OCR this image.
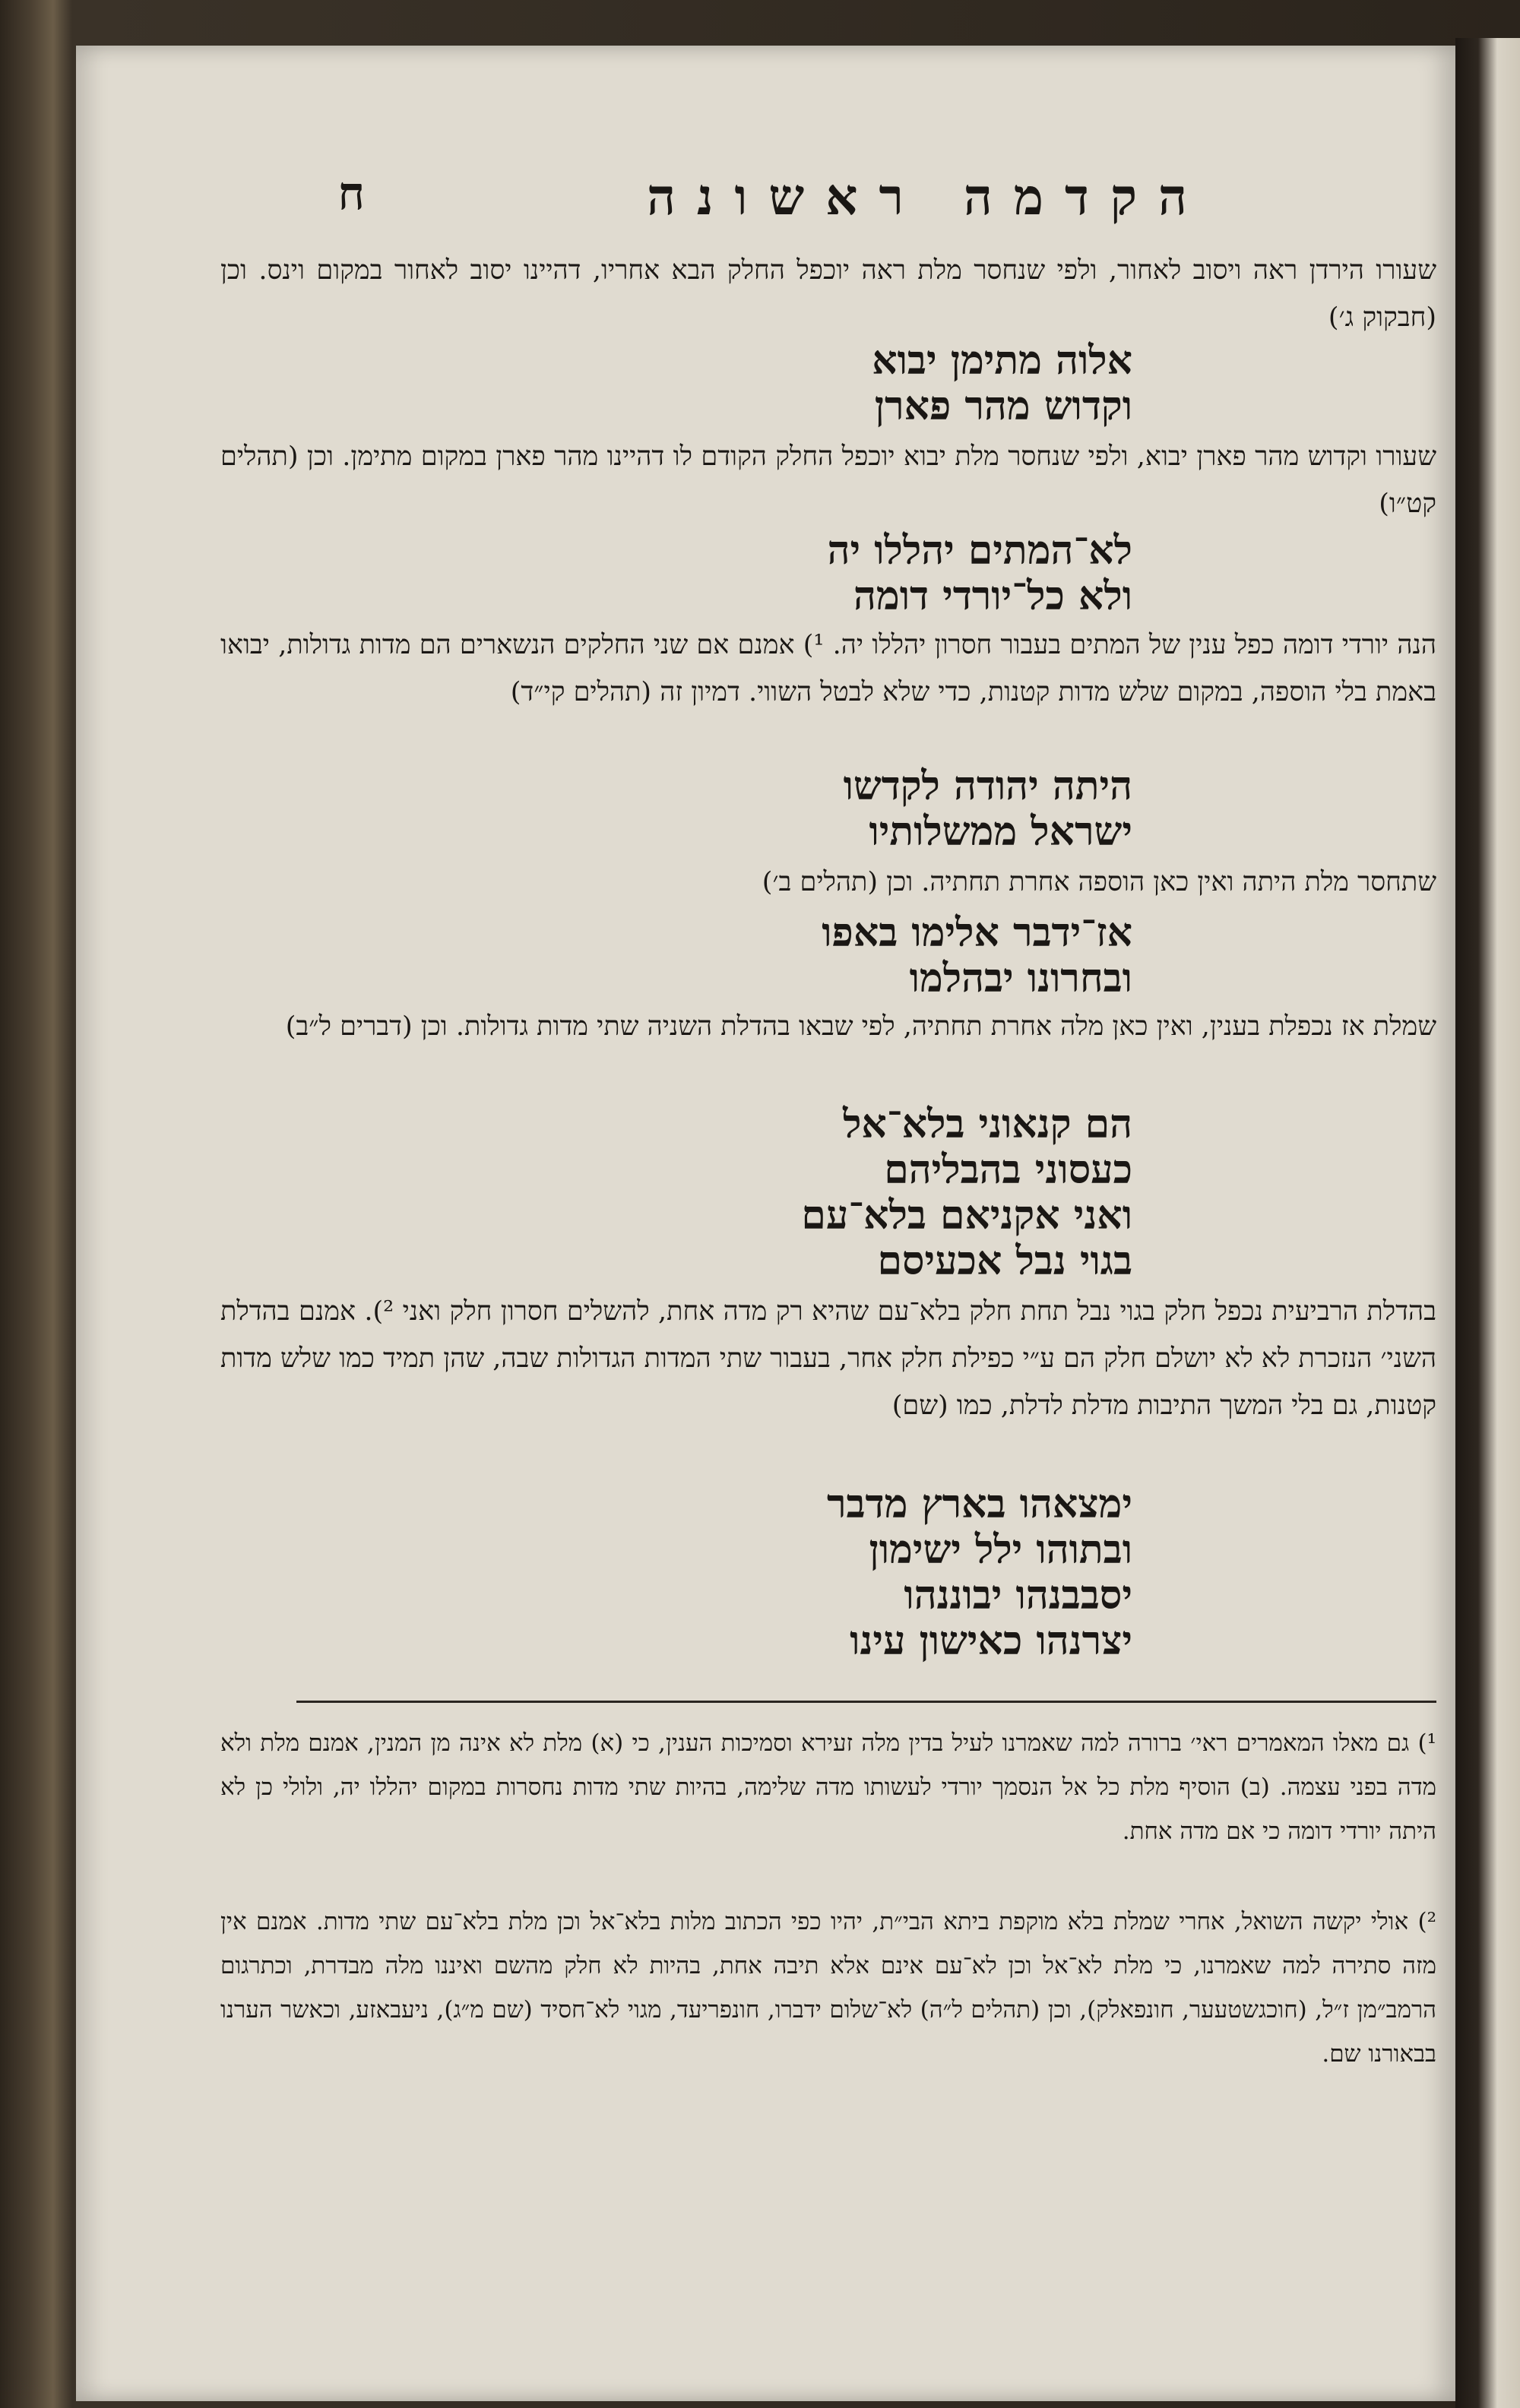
הקדמה ראשונה
ח
שעורו הירדן ראה ויסוב לאחור, ולפי שנחסר מלת ראה יוכפל החלק הבא אחריו, דהיינו יסוב לאחור במקום וינס. וכן (חבקוק ג׳)
אלוה מתימן יבוא
וקדוש מהר פארן
שעורו וקדוש מהר פארן יבוא, ולפי שנחסר מלת יבוא יוכפל החלק הקודם לו דהיינו מהר פארן במקום מתימן. וכן (תהלים קט״ו)
לא־המתים יהללו יה
ולא כל־יורדי דומה
הנה יורדי דומה כפל ענין של המתים בעבור חסרון יהללו יה. ¹) אמנם אם שני החלקים הנשארים הם מדות גדולות, יבואו באמת בלי הוספה, במקום שלש מדות קטנות, כדי שלא לבטל השווי. דמיון זה (תהלים קי״ד)
היתה יהודה לקדשו
ישראל ממשלותיו
שתחסר מלת היתה ואין כאן הוספה אחרת תחתיה. וכן (תהלים ב׳)
אז־ידבר אלימו באפו
ובחרונו יבהלמו
שמלת אז נכפלת בענין, ואין כאן מלה אחרת תחתיה, לפי שבאו בהדלת השניה שתי מדות גדולות. וכן (דברים ל״ב)
הם קנאוני בלא־אל
כעסוני בהבליהם
ואני אקניאם בלא־עם
בגוי נבל אכעיסם
בהדלת הרביעית נכפל חלק בגוי נבל תחת חלק בלא־עם שהיא רק מדה אחת, להשלים חסרון חלק ואני ²). אמנם בהדלת השני׳ הנזכרת לא לא יושלם חלק הם ע״י כפילת חלק אחר, בעבור שתי המדות הגדולות שבה, שהן תמיד כמו שלש מדות קטנות, גם בלי המשך התיבות מדלת לדלת, כמו (שם)
ימצאהו בארץ מדבר
ובתוהו ילל ישימון
יסבבנהו יבוננהו
יצרנהו כאישון עינו
¹) גם מאלו המאמרים ראי׳ ברורה למה שאמרנו לעיל בדין מלה זעירא וסמיכות הענין, כי (א) מלת לא אינה מן המנין, אמנם מלת ולא מדה בפני עצמה. (ב) הוסיף מלת כל אל הנסמך יורדי לעשותו מדה שלימה, בהיות שתי מדות נחסרות במקום יהללו יה, ולולי כן לא היתה יורדי דומה כי אם מדה אחת.
²) אולי יקשה השואל, אחרי שמלת בלא מוקפת ביתא הבי״ת, יהיו כפי הכתוב מלות בלא־אל וכן מלת בלא־עם שתי מדות. אמנם אין מזה סתירה למה שאמרנו, כי מלת לא־אל וכן לא־עם אינם אלא תיבה אחת, בהיות לא חלק מהשם ואיננו מלה מבדרת, וכתרגום הרמב״מן ז״ל, (חוכגשטעער, חונפאלק), וכן (תהלים ל״ה) לא־שלום ידברו, חונפריעד, מגוי לא־חסיד (שם מ״ג), ניעבאזע, וכאשר הערנו בבאורנו שם.
